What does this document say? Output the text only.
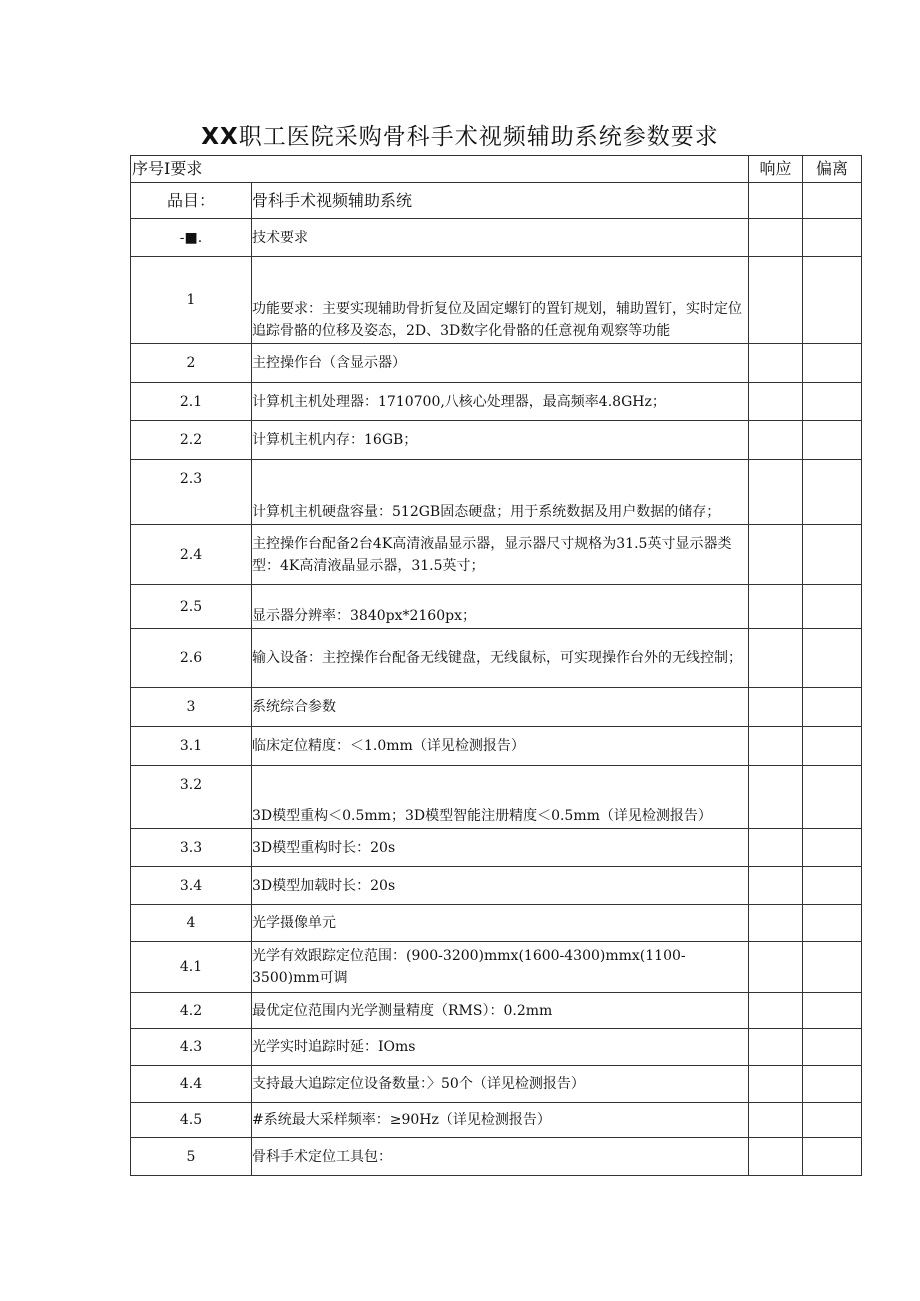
XX职工医院采购骨科手术视频辅助系统参数要求
序号I要求		响应	偏离
品目：	骨科手术视频辅助系统		
-■.	技术要求		
1	功能要求：主要实现辅助骨折复位及固定螺钉的置钉规划，辅助置钉，实时定位追踪骨骼的位移及姿态，2D、3D数字化骨骼的任意视角观察等功能		
2	主控操作台（含显示器）		
2.1	计算机主机处理器：1710700,八核心处理器，最高频率4.8GHz；		
2.2	计算机主机内存：16GB；		
2.3	计算机主机硬盘容量：512GB固态硬盘；用于系统数据及用户数据的储存；		
2.4	主控操作台配备2台4K高清液晶显示器，显示器尺寸规格为31.5英寸显示器类型：4K高清液晶显示器，31.5英寸；		
2.5	显示器分辨率：3840px*2160px；		
2.6	输入设备：主控操作台配备无线键盘，无线鼠标，可实现操作台外的无线控制；		
3	系统综合参数		
3.1	临床定位精度：＜1.0mm（详见检测报告）		
3.2	3D模型重构＜0.5mm；3D模型智能注册精度＜0.5mm（详见检测报告）		
3.3	3D模型重构时长：20s		
3.4	3D模型加载时长：20s		
4	光学摄像单元		
4.1	光学有效跟踪定位范围：(900-3200)mmx(1600-4300)mmx(1100-3500)mm可调		
4.2	最优定位范围内光学测量精度（RMS）：0.2mm		
4.3	光学实时追踪时延：IOms		
4.4	支持最大追踪定位设备数量：〉50个（详见检测报告）		
4.5	#系统最大采样频率：≥90Hz（详见检测报告）		
5	骨科手术定位工具包：		
